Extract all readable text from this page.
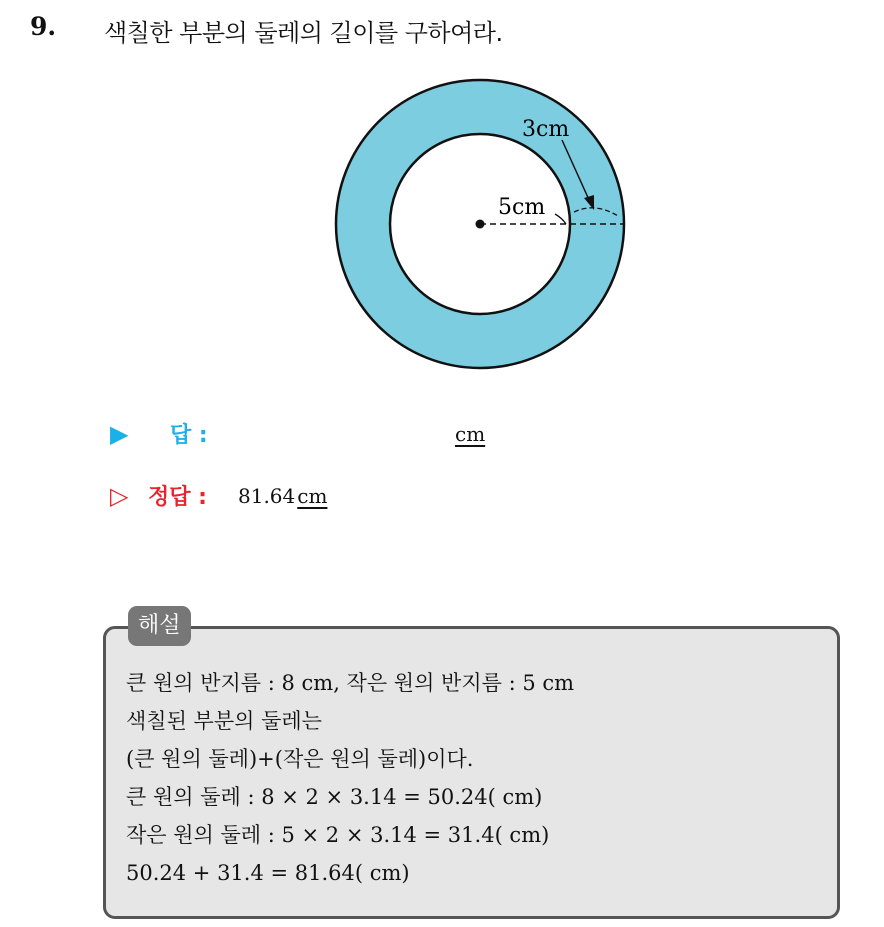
9. 색칠한 부분의 둘레의 길이를 구하여라.
3cm
5cm
▶ 답 :	cm
▷ 정답 : 81.64 cm
해설
큰 원의 반지름 : 8 cm, 작은 원의 반지름 : 5 cm
색칠된 부분의 둘레는
(큰 원의 둘레)+(작은 원의 둘레)이다.
큰 원의 둘레 : 8 × 2 × 3.14 = 50.24( cm)
작은 원의 둘레 : 5 × 2 × 3.14 = 31.4( cm)
50.24 + 31.4 = 81.64( cm)
